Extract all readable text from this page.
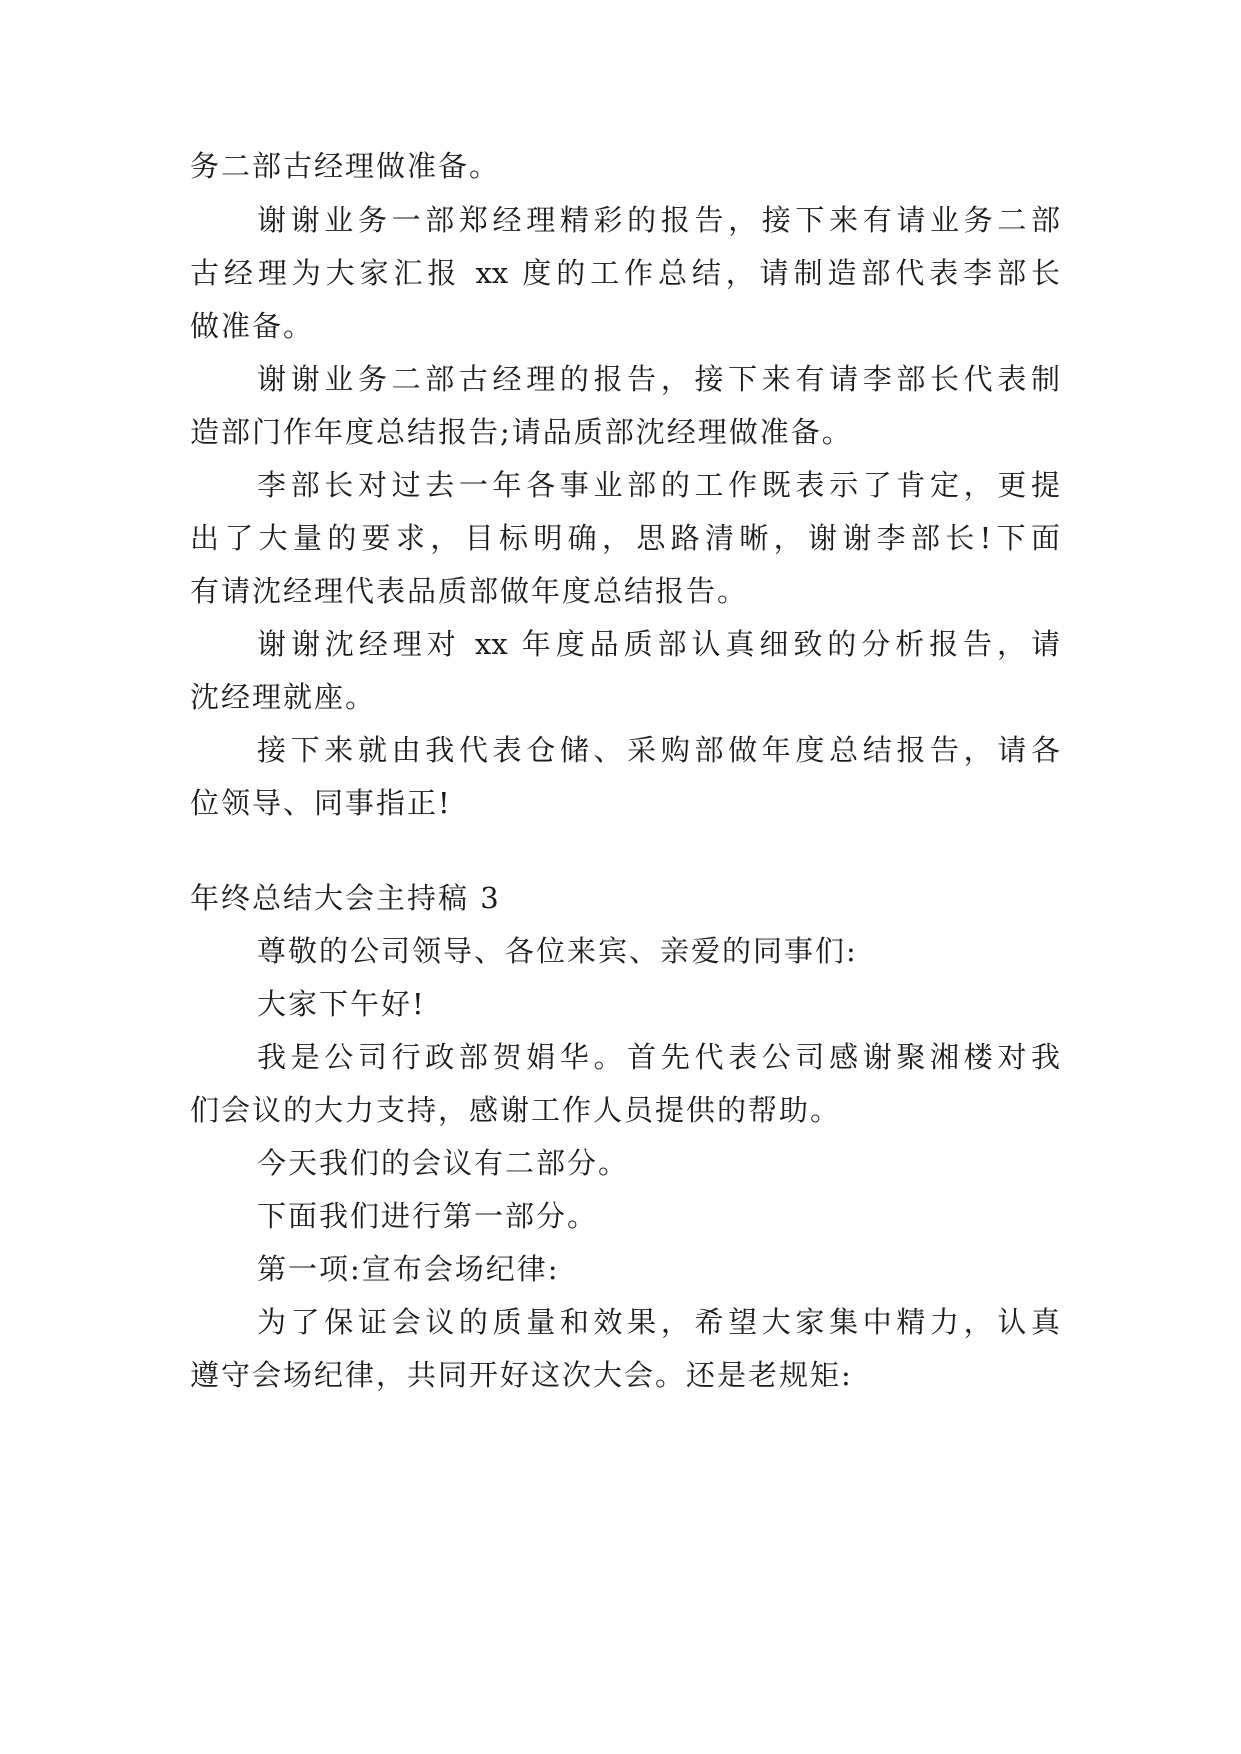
务二部古经理做准备。
谢谢业务一部郑经理精彩的报告，接下来有请业务二部
古经理为大家汇报 xx 度的工作总结，请制造部代表李部长
做准备。
谢谢业务二部古经理的报告，接下来有请李部长代表制
造部门作年度总结报告;请品质部沈经理做准备。
李部长对过去一年各事业部的工作既表示了肯定，更提
出了大量的要求，目标明确，思路清晰，谢谢李部长!下面
有请沈经理代表品质部做年度总结报告。
谢谢沈经理对 xx 年度品质部认真细致的分析报告，请
沈经理就座。
接下来就由我代表仓储、采购部做年度总结报告，请各
位领导、同事指正!
年终总结大会主持稿 3
尊敬的公司领导、各位来宾、亲爱的同事们:
大家下午好!
我是公司行政部贺娟华。首先代表公司感谢聚湘楼对我
们会议的大力支持，感谢工作人员提供的帮助。
今天我们的会议有二部分。
下面我们进行第一部分。
第一项:宣布会场纪律:
为了保证会议的质量和效果，希望大家集中精力，认真
遵守会场纪律，共同开好这次大会。还是老规矩:
